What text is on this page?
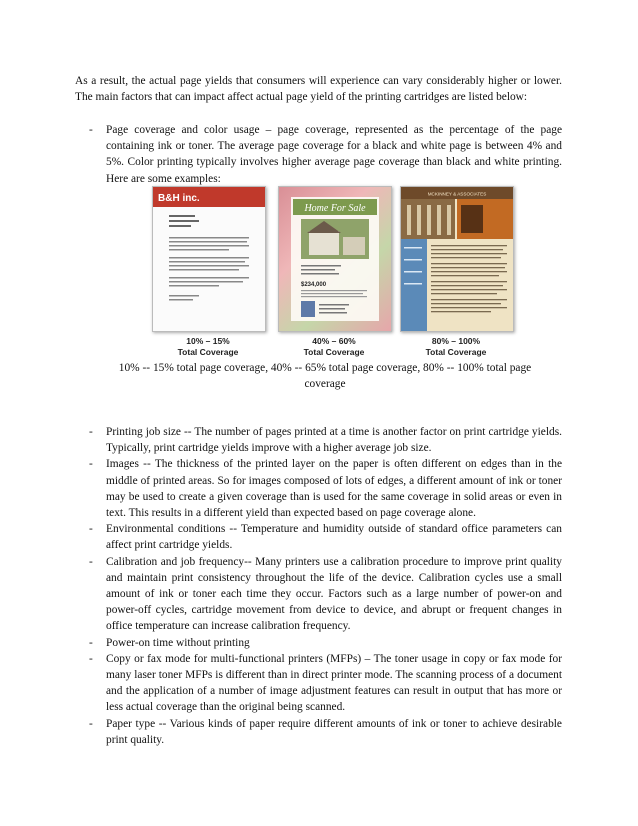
As a result, the actual page yields that consumers will experience can vary considerably higher or lower. The main factors that can impact affect actual page yield of the printing cartridges are listed below:
- Page coverage and color usage – page coverage, represented as the percentage of the page containing ink or toner. The average page coverage for a black and white page is between 4% and 5%. Color printing typically involves higher average page coverage than black and white printing. Here are some examples:
B&H inc.
10% – 15%
Total Coverage
Home For Sale
$234,000
40% – 60%
Total Coverage
MCKINNEY & ASSOCIATES
80% – 100%
Total Coverage
10% -- 15% total page coverage, 40% -- 65% total page coverage, 80% -- 100% total page coverage
- Printing job size -- The number of pages printed at a time is another factor on print cartridge yields. Typically, print cartridge yields improve with a higher average job size.
- Images -- The thickness of the printed layer on the paper is often different on edges than in the middle of printed areas. So for images composed of lots of edges, a different amount of ink or toner may be used to create a given coverage than is used for the same coverage in solid areas or even in text. This results in a different yield than expected based on page coverage alone.
- Environmental conditions -- Temperature and humidity outside of standard office parameters can affect print cartridge yields.
- Calibration and job frequency-- Many printers use a calibration procedure to improve print quality and maintain print consistency throughout the life of the device. Calibration cycles use a small amount of ink or toner each time they occur. Factors such as a large number of power-on and power-off cycles, cartridge movement from device to device, and abrupt or frequent changes in office temperature can increase calibration frequency.
- Power-on time without printing
- Copy or fax mode for multi-functional printers (MFPs) – The toner usage in copy or fax mode for many laser toner MFPs is different than in direct printer mode. The scanning process of a document and the application of a number of image adjustment features can result in output that has more or less actual coverage than the original being scanned.
- Paper type -- Various kinds of paper require different amounts of ink or toner to achieve desirable print quality.
